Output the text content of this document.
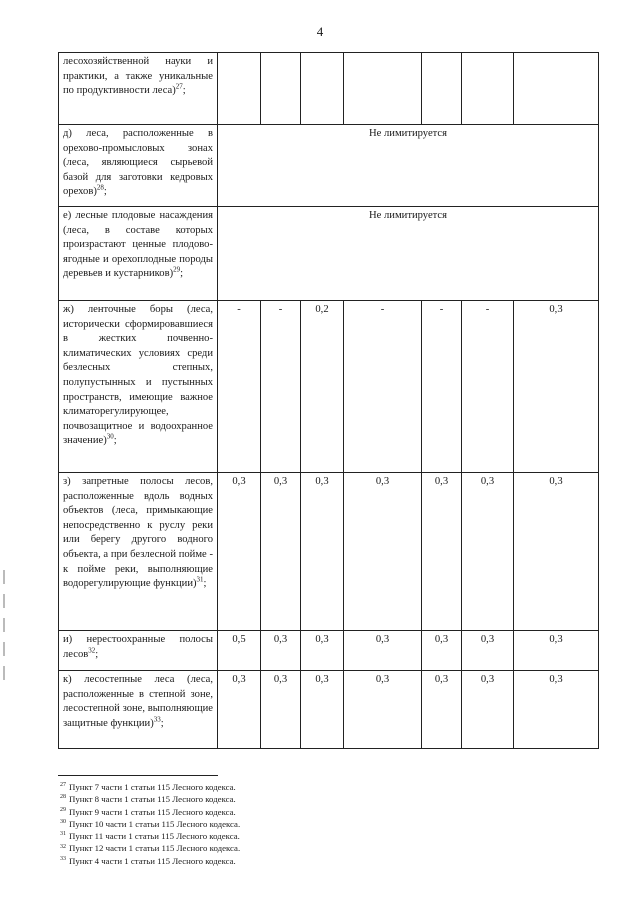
4
лесохозяйственной науки и практики, а также уникальные по продуктивности леса)$^{27}$;							
д) леса, расположенные в орехово-промысловых зонах (леса, являющиеся сырьевой базой для заготовки кедровых орехов)$^{28}$;	Не лимитируется						
е) лесные плодовые насаждения (леса, в составе которых произрастают ценные плодово-ягодные и орехоплодные породы деревьев и кустарников)$^{29}$;	Не лимитируется						
ж) ленточные боры (леса, исторически сформировавшиеся в жестких почвенно-климатических условиях среди безлесных степных, полупустынных и пустынных пространств, имеющие важное климаторегулирующее, почвозащитное и водоохранное значение)$^{30}$;	-	-	0,2	-	-	-	0,3
з) запретные полосы лесов, расположенные вдоль водных объектов (леса, примыкающие непосредственно к руслу реки или берегу другого водного объекта, а при безлесной пойме - к пойме реки, выполняющие водорегулирующие функции)$^{31}$;	0,3	0,3	0,3	0,3	0,3	0,3	0,3
и) нерестоохранные полосы лесов$^{32}$;	0,5	0,3	0,3	0,3	0,3	0,3	0,3
к) лесостепные леса (леса, расположенные в степной зоне, лесостепной зоне, выполняющие защитные функции)$^{33}$;	0,3	0,3	0,3	0,3	0,3	0,3	0,3
$^{27}$ Пункт 7 части 1 статьи 115 Лесного кодекса.
$^{28}$ Пункт 8 части 1 статьи 115 Лесного кодекса.
$^{29}$ Пункт 9 части 1 статьи 115 Лесного кодекса.
$^{30}$ Пункт 10 части 1 статьи 115 Лесного кодекса.
$^{31}$ Пункт 11 части 1 статьи 115 Лесного кодекса.
$^{32}$ Пункт 12 части 1 статьи 115 Лесного кодекса.
$^{33}$ Пункт 4 части 1 статьи 115 Лесного кодекса.
